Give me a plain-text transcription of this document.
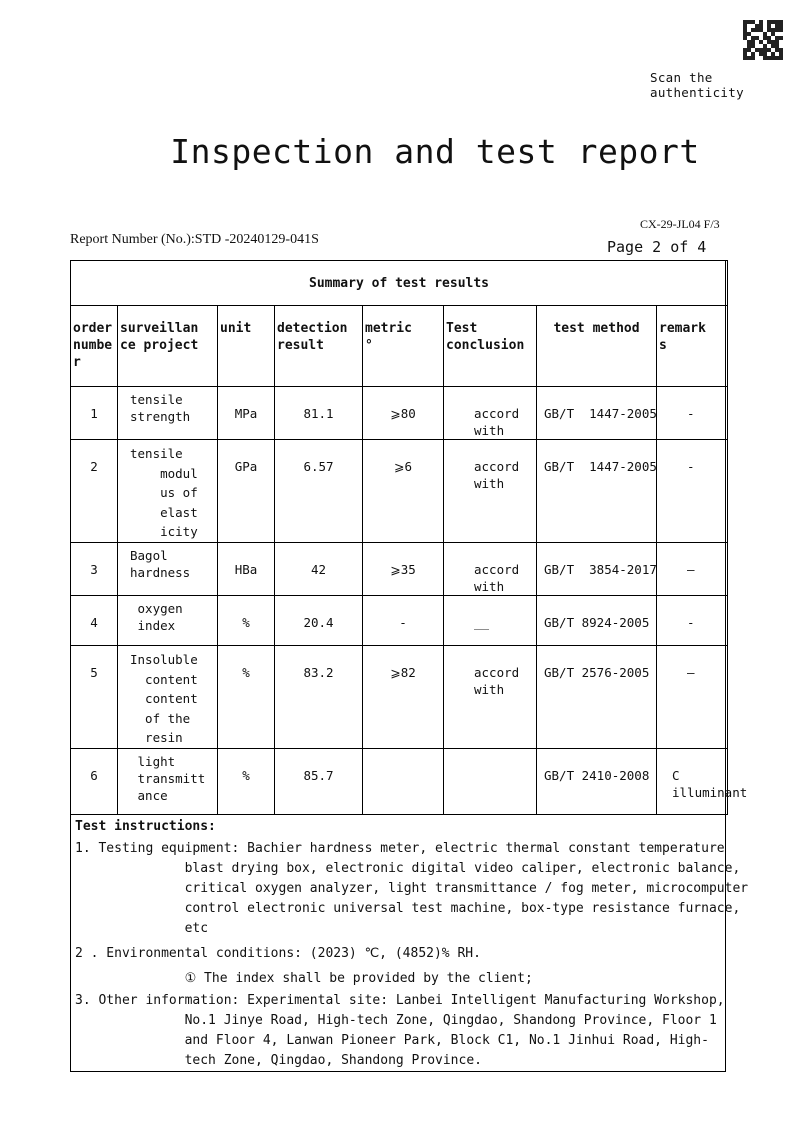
Scan the authenticity
Inspection and test report
CX-29-JL04 F/3
Report Number (No.):STD -20240129-041S	Page 2 of 4
Summary of test results							
order
numbe
r	surveillan
ce project	unit	detection
result	metric
°	Test
conclusion	test method	remark
s
1	tensile
strength	MPa	81.1	⩾80	accord
with	GB/T  1447-2005	-
2	tensile
modul
us of
elast
icity	GPa	6.57	⩾6	accord
with	GB/T  1447-2005	-
3	Bagol
hardness	HBa	42	⩾35	accord
with	GB/T  3854-2017	—
4	oxygen
index	%	20.4	-	__	GB/T 8924-2005	-
5	Insoluble
content
content
of the
resin	%	83.2	⩾82	accord
with	GB/T 2576-2005	—
6	light
transmitt
ance	%	85.7			GB/T 2410-2008	C
illuminant
Test instructions:
1. Testing equipment: Bachier hardness meter, electric thermal constant temperature
blast drying box, electronic digital video caliper, electronic balance,
critical oxygen analyzer, light transmittance / fog meter, microcomputer
control electronic universal test machine, box-type resistance furnace,
etc
2 . Environmental conditions: (2023) ℃, (4852)% RH.
① The index shall be provided by the client;
3. Other information: Experimental site: Lanbei Intelligent Manufacturing Workshop,
No.1 Jinye Road, High-tech Zone, Qingdao, Shandong Province, Floor 1
and Floor 4, Lanwan Pioneer Park, Block C1, No.1 Jinhui Road, High-
tech Zone, Qingdao, Shandong Province.
